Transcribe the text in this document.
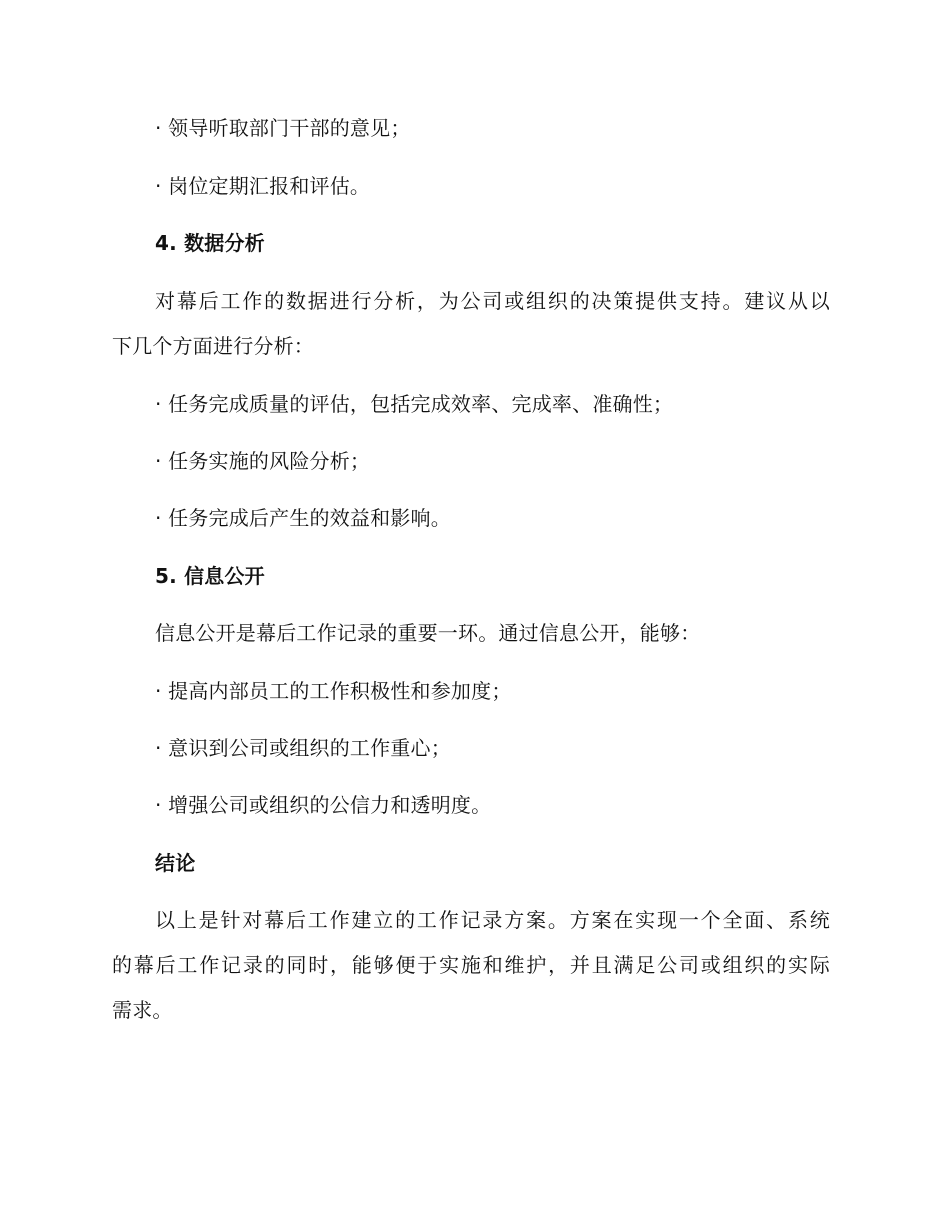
· 领导听取部门干部的意见；
· 岗位定期汇报和评估。
4. 数据分析
对幕后工作的数据进行分析，为公司或组织的决策提供支持。建议从以
下几个方面进行分析：
· 任务完成质量的评估，包括完成效率、完成率、准确性；
· 任务实施的风险分析；
· 任务完成后产生的效益和影响。
5. 信息公开
信息公开是幕后工作记录的重要一环。通过信息公开，能够：
· 提高内部员工的工作积极性和参加度；
· 意识到公司或组织的工作重心；
· 增强公司或组织的公信力和透明度。
结论
以上是针对幕后工作建立的工作记录方案。方案在实现一个全面、系统
的幕后工作记录的同时，能够便于实施和维护，并且满足公司或组织的实际
需求。
